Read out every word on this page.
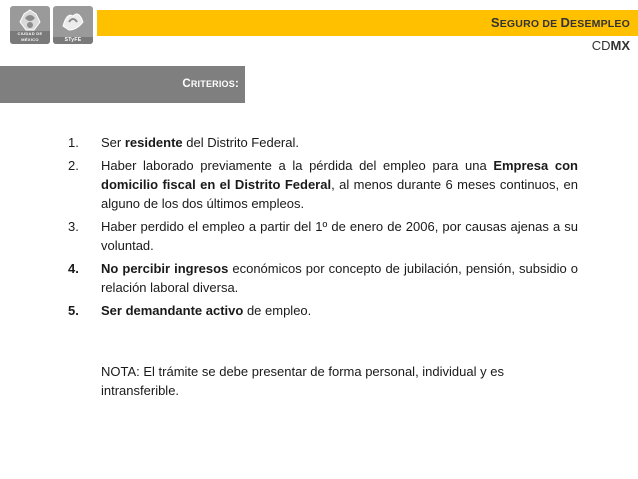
CIUDAD DE MÉXICO	STyFE
SEGURO DE DESEMPLEO
CDMX
CRITERIOS:
1. Ser residente del Distrito Federal.
2. Haber laborado previamente a la pérdida del empleo para una Empresa con domicilio fiscal en el Distrito Federal, al menos durante 6 meses continuos, en alguno de los dos últimos empleos.
3. Haber perdido el empleo a partir del 1º de enero de 2006, por causas ajenas a su voluntad.
4. No percibir ingresos económicos por concepto de jubilación, pensión, subsidio o relación laboral diversa.
5. Ser demandante activo de empleo.
NOTA: El trámite se debe presentar de forma personal, individual y es intransferible.
